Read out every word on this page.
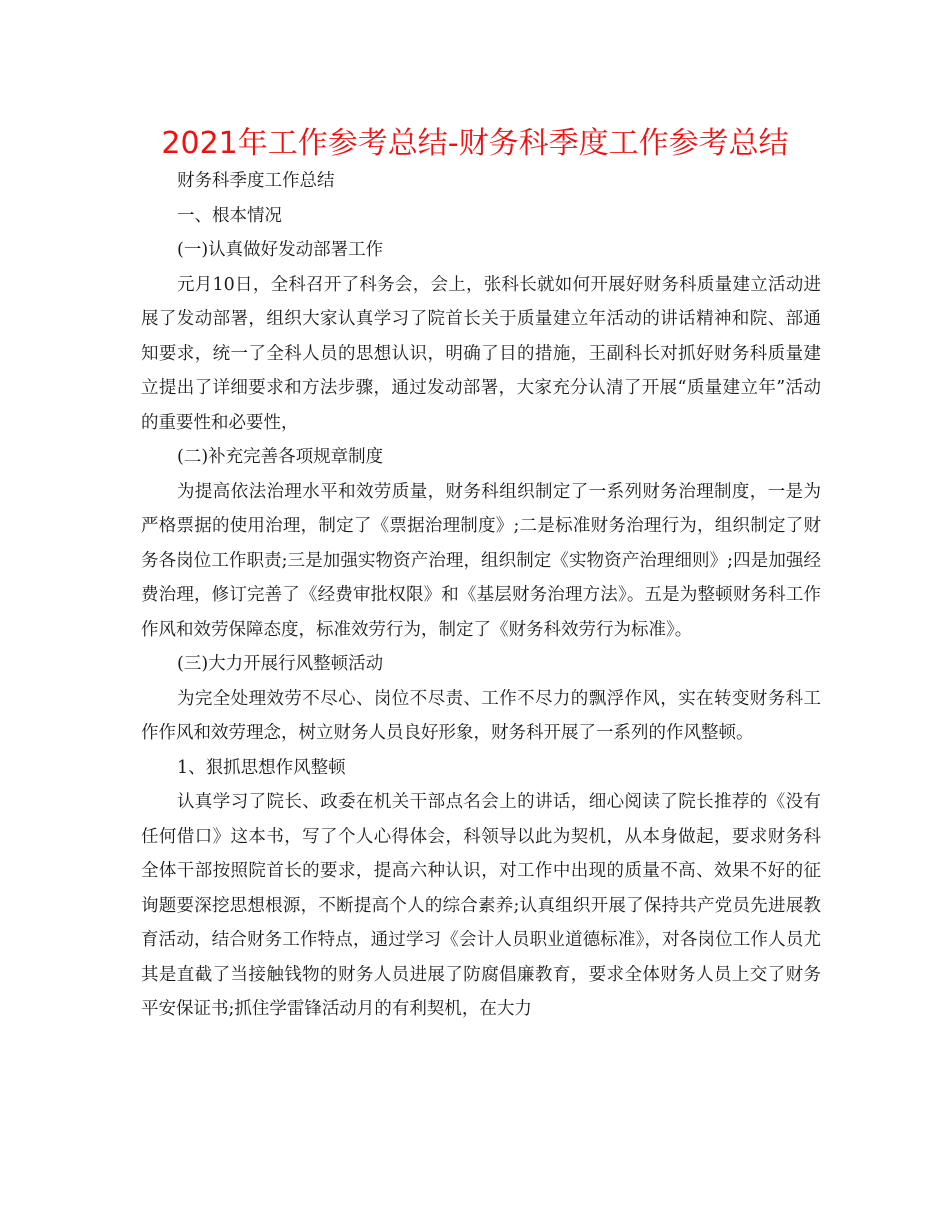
2021年工作参考总结-财务科季度工作参考总结

财务科季度工作总结

一、根本情况

(一)认真做好发动部署工作

元月10日，全科召开了科务会，会上，张科长就如何开展好财务科质量建立活动进展了发动部署，组织大家认真学习了院首长关于质量建立年活动的讲话精神和院、部通知要求，统一了全科人员的思想认识，明确了目的措施，王副科长对抓好财务科质量建立提出了详细要求和方法步骤，通过发动部署，大家充分认清了开展“质量建立年”活动的重要性和必要性，

(二)补充完善各项规章制度

为提高依法治理水平和效劳质量，财务科组织制定了一系列财务治理制度，一是为严格票据的使用治理，制定了《票据治理制度》;二是标准财务治理行为，组织制定了财务各岗位工作职责;三是加强实物资产治理，组织制定《实物资产治理细则》;四是加强经费治理，修订完善了《经费审批权限》和《基层财务治理方法》。五是为整顿财务科工作作风和效劳保障态度，标准效劳行为，制定了《财务科效劳行为标准》。

(三)大力开展行风整顿活动

为完全处理效劳不尽心、岗位不尽责、工作不尽力的飘浮作风，实在转变财务科工作作风和效劳理念，树立财务人员良好形象，财务科开展了一系列的作风整顿。

1、狠抓思想作风整顿

认真学习了院长、政委在机关干部点名会上的讲话，细心阅读了院长推荐的《没有任何借口》这本书，写了个人心得体会，科领导以此为契机，从本身做起，要求财务科全体干部按照院首长的要求，提高六种认识，对工作中出现的质量不高、效果不好的征询题要深挖思想根源，不断提高个人的综合素养;认真组织开展了保持共产党员先进展教育活动，结合财务工作特点，通过学习《会计人员职业道德标准》，对各岗位工作人员尤其是直截了当接触钱物的财务人员进展了防腐倡廉教育，要求全体财务人员上交了财务平安保证书;抓住学雷锋活动月的有利契机，在大力
